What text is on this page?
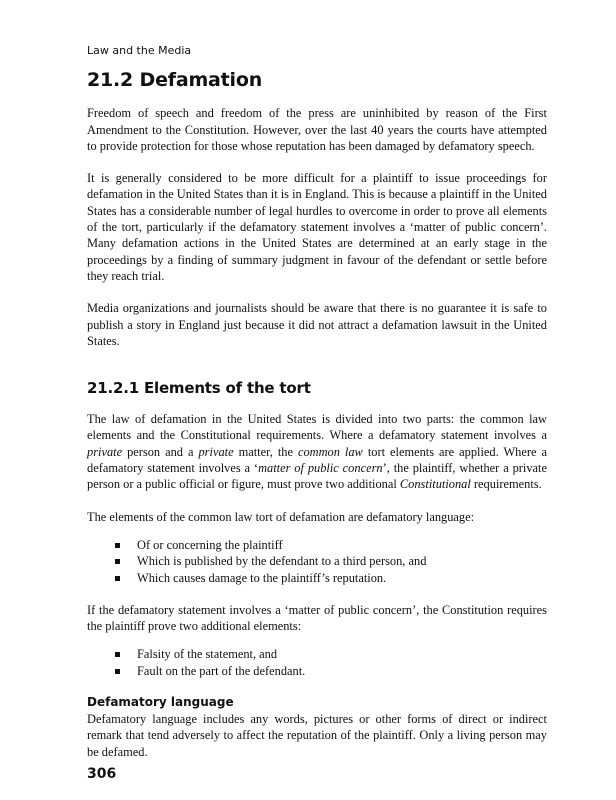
Law and the Media

21.2 Defamation

Freedom of speech and freedom of the press are uninhibited by reason of the First Amendment to the Constitution. However, over the last 40 years the courts have attempted to provide protection for those whose reputation has been damaged by defamatory speech.

It is generally considered to be more difficult for a plaintiff to issue proceedings for defamation in the United States than it is in England. This is because a plaintiff in the United States has a considerable number of legal hurdles to overcome in order to prove all elements of the tort, particularly if the defamatory statement involves a ‘matter of public concern’. Many defamation actions in the United States are determined at an early stage in the proceedings by a finding of summary judgment in favour of the defendant or settle before they reach trial.

Media organizations and journalists should be aware that there is no guarantee it is safe to publish a story in England just because it did not attract a defamation lawsuit in the United States.

21.2.1 Elements of the tort

The law of defamation in the United States is divided into two parts: the common law elements and the Constitutional requirements. Where a defamatory statement involves a private person and a private matter, the common law tort elements are applied. Where a defamatory statement involves a ‘matter of public concern’, the plaintiff, whether a private person or a public official or figure, must prove two additional Constitutional requirements.

The elements of the common law tort of defamation are defamatory language:

Of or concerning the plaintiff
Which is published by the defendant to a third person, and
Which causes damage to the plaintiff’s reputation.

If the defamatory statement involves a ‘matter of public concern’, the Constitution requires the plaintiff prove two additional elements:

Falsity of the statement, and
Fault on the part of the defendant.
Defamatory language

Defamatory language includes any words, pictures or other forms of direct or indirect remark that tend adversely to affect the reputation of the plaintiff. Only a living person may be defamed.

306
